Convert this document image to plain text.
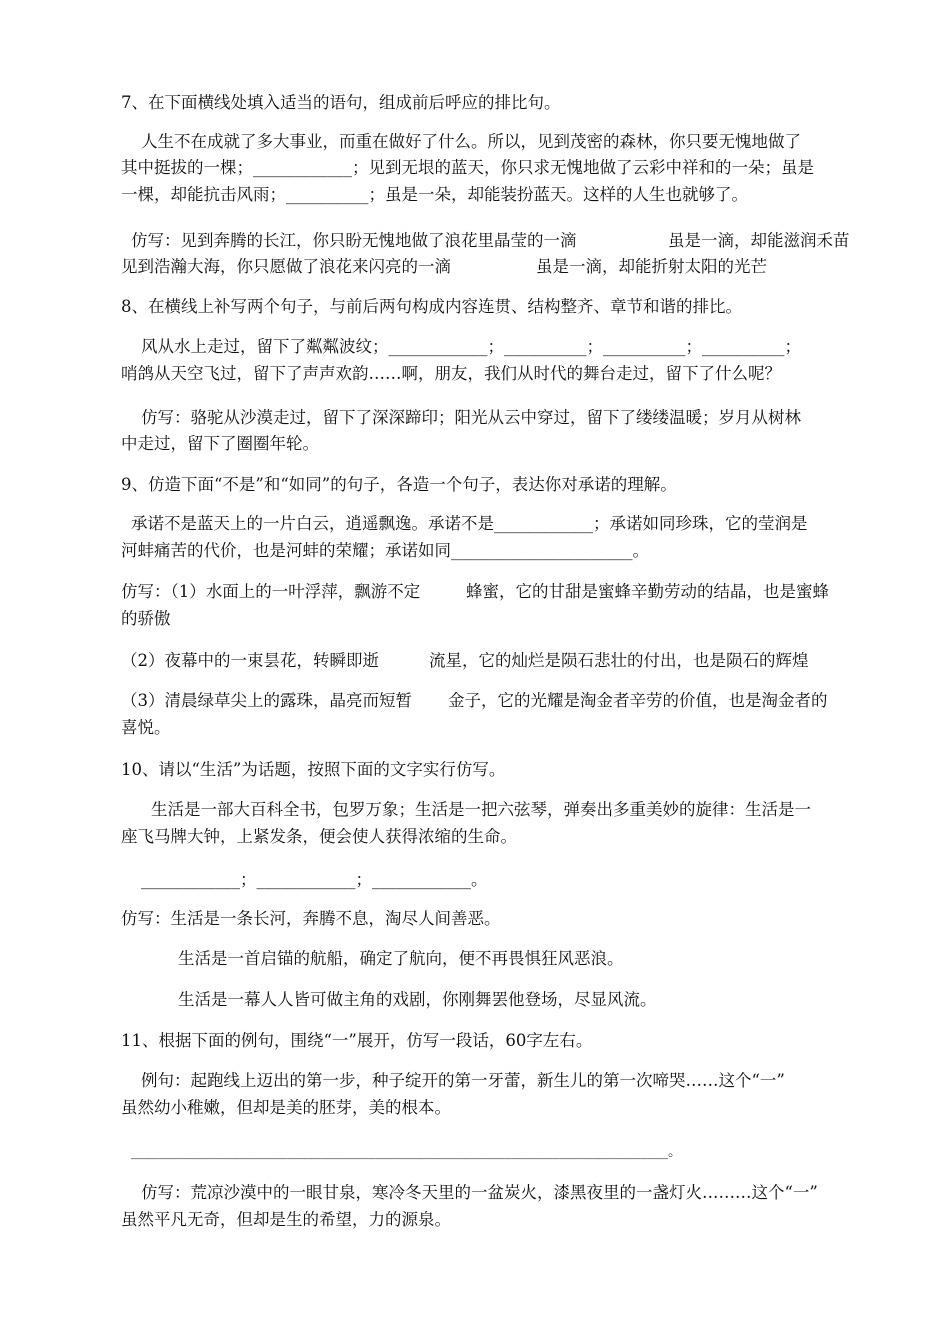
7、在下面横线处填入适当的语句，组成前后呼应的排比句。
人生不在成就了多大事业，而重在做好了什么。所以，见到茂密的森林，你只要无愧地做了
其中挺拔的一棵；____________；见到无垠的蓝天，你只求无愧地做了云彩中祥和的一朵；虽是
一棵，却能抗击风雨；__________；虽是一朵，却能装扮蓝天。这样的人生也就够了。
仿写：见到奔腾的长江，你只盼无愧地做了浪花里晶莹的一滴	虽是一滴，却能滋润禾苗
见到浩瀚大海，你只愿做了浪花来闪亮的一滴	虽是一滴，却能折射太阳的光芒
8、在横线上补写两个句子，与前后两句构成内容连贯、结构整齐、章节和谐的排比。
风从水上走过，留下了粼粼波纹；____________；__________；__________；__________；
哨鸽从天空飞过，留下了声声欢韵……啊，朋友，我们从时代的舞台走过，留下了什么呢？
仿写：骆驼从沙漠走过，留下了深深蹄印；阳光从云中穿过，留下了缕缕温暖；岁月从树林
中走过，留下了圈圈年轮。
9、仿造下面“不是”和“如同”的句子，各造一个句子，表达你对承诺的理解。
承诺不是蓝天上的一片白云，逍遥飘逸。承诺不是____________；承诺如同珍珠，它的莹润是
河蚌痛苦的代价，也是河蚌的荣耀；承诺如同______________________。
仿写：（1）水面上的一叶浮萍，飘游不定	蜂蜜，它的甘甜是蜜蜂辛勤劳动的结晶，也是蜜蜂
的骄傲
（2）夜幕中的一束昙花，转瞬即逝	流星，它的灿烂是陨石悲壮的付出，也是陨石的辉煌
（3）清晨绿草尖上的露珠，晶亮而短暂 金子，它的光耀是淘金者辛劳的价值，也是淘金者的
喜悦。
10、请以“生活”为话题，按照下面的文字实行仿写。
生活是一部大百科全书，包罗万象；生活是一把六弦琴，弹奏出多重美妙的旋律：生活是一
座飞马牌大钟，上紧发条，便会使人获得浓缩的生命。
____________；____________；____________。
仿写：生活是一条长河，奔腾不息，淘尽人间善恶。
生活是一首启锚的航船，确定了航向，便不再畏惧狂风恶浪。
生活是一幕人人皆可做主角的戏剧，你刚舞罢他登场，尽显风流。
11、根据下面的例句，围绕“一”展开，仿写一段话，60字左右。
例句：起跑线上迈出的第一步，种子绽开的第一牙蕾，新生儿的第一次啼哭……这个“一”
虽然幼小稚嫩，但却是美的胚芽，美的根本。
_______________________________________________________________________________。
仿写：荒凉沙漠中的一眼甘泉，寒冷冬天里的一盆炭火，漆黑夜里的一盏灯火………这个“一”
虽然平凡无奇，但却是生的希望，力的源泉。
